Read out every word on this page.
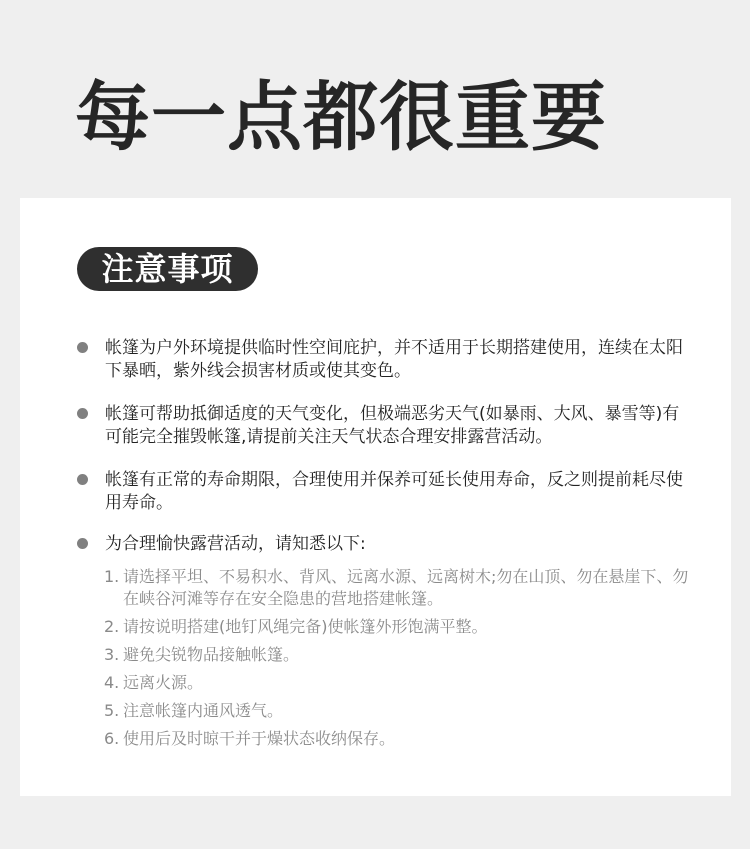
每一点都很重要
注意事项
帐篷为户外环境提供临时性空间庇护，并不适用于长期搭建使用，连续在太阳下暴晒，紫外线会损害材质或使其变色。
帐篷可帮助抵御适度的天气变化，但极端恶劣天气(如暴雨、大风、暴雪等)有可能完全摧毁帐篷,请提前关注天气状态合理安排露营活动。
帐篷有正常的寿命期限，合理使用并保养可延长使用寿命，反之则提前耗尽使用寿命。
为合理愉快露营活动，请知悉以下:
1. 请选择平坦、不易积水、背风、远离水源、远离树木;勿在山顶、勿在悬崖下、勿在峡谷河滩等存在安全隐患的营地搭建帐篷。
2. 请按说明搭建(地钉风绳完备)使帐篷外形饱满平整。
3. 避免尖锐物品接触帐篷。
4. 远离火源。
5. 注意帐篷内通风透气。
6. 使用后及时晾干并于燥状态收纳保存。
